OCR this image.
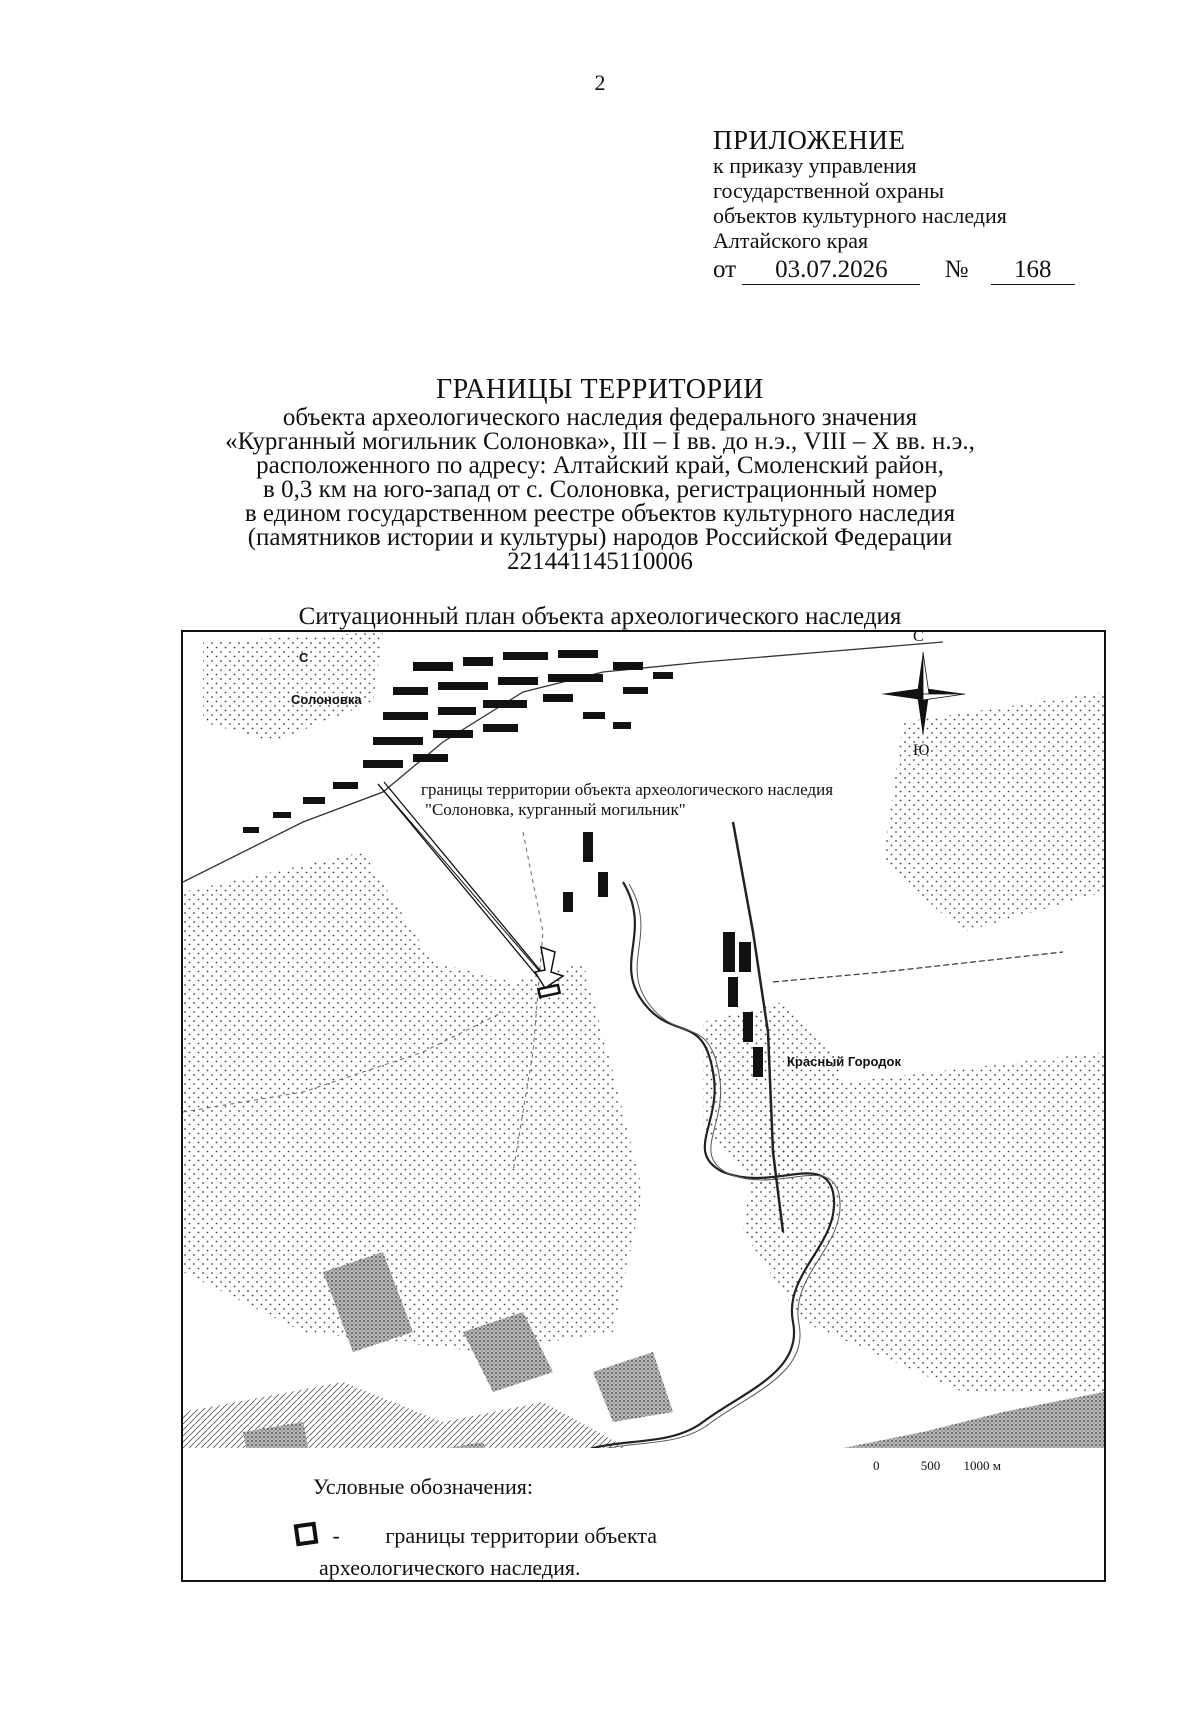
2
ПРИЛОЖЕНИЕ
к приказу управления
государственной охраны
объектов культурного наследия
Алтайского края
от 03.07.2026 № 168
ГРАНИЦЫ ТЕРРИТОРИИ
объекта археологического наследия федерального значения
«Курганный могильник Солоновка», III – I вв. до н.э., VIII – X вв. н.э.,
расположенного по адресу: Алтайский край, Смоленский район,
в 0,3 км на юго-запад от с. Солоновка, регистрационный номер
в едином государственном реестре объектов культурного наследия
(памятников истории и культуры) народов Российской Федерации
221441145110006
Ситуационный план объекта археологического наследия
С
Солоновка
Красный Городок
С
Ю
границы территории объекта археологического наследия
"Солоновка, курганный могильник"
0	500 1000 м
Условные обозначения:
- границы территории объекта
археологического наследия.
